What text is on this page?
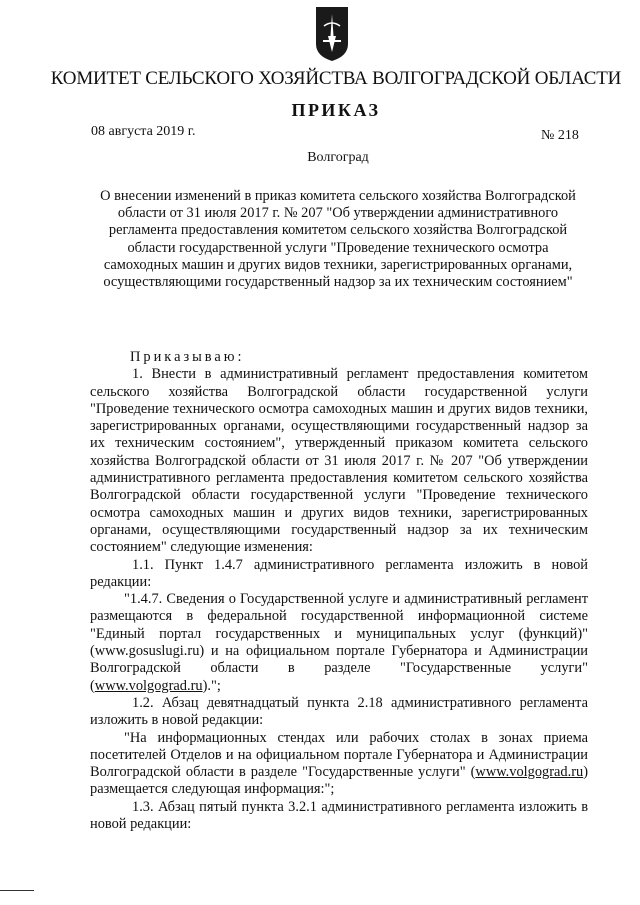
КОМИТЕТ СЕЛЬСКОГО ХОЗЯЙСТВА ВОЛГОГРАДСКОЙ ОБЛАСТИ
ПРИКАЗ
08 августа 2019 г.	№ 218
Волгоград
О внесении изменений в приказ комитета сельского хозяйства Волгоградской области от 31 июля 2017 г. № 207 "Об утверждении административного регламента предоставления комитетом сельского хозяйства Волгоградской области государственной услуги "Проведение технического осмотра самоходных машин и других видов техники, зарегистрированных органами, осуществляющими государственный надзор за их техническим состоянием"

Приказываю:

1. Внести в административный регламент предоставления комитетом сельского хозяйства Волгоградской области государственной услуги "Проведение технического осмотра самоходных машин и других видов техники, зарегистрированных органами, осуществляющими государственный надзор за их техническим состоянием", утвержденный приказом комитета сельского хозяйства Волгоградской области от 31 июля 2017 г. № 207 "Об утверждении административного регламента предоставления комитетом сельского хозяйства Волгоградской области государственной услуги "Проведение технического осмотра самоходных машин и других видов техники, зарегистрированных органами, осуществляющими государственный надзор за их техническим состоянием" следующие изменения:

1.1. Пункт 1.4.7 административного регламента изложить в новой редакции:

"1.4.7. Сведения о Государственной услуге и административный регламент размещаются в федеральной государственной информационной системе "Единый портал государственных и муниципальных услуг (функций)" (www.gosuslugi.ru) и на официальном портале Губернатора и Администрации Волгоградской области в разделе "Государственные услуги" (www.volgograd.ru).";

1.2. Абзац девятнадцатый пункта 2.18 административного регламента изложить в новой редакции:

"На информационных стендах или рабочих столах в зонах приема посетителей Отделов и на официальном портале Губернатора и Администрации Волгоградской области в разделе "Государственные услуги" (www.volgograd.ru) размещается следующая информация:";

1.3. Абзац пятый пункта 3.2.1 административного регламента изложить в новой редакции:
